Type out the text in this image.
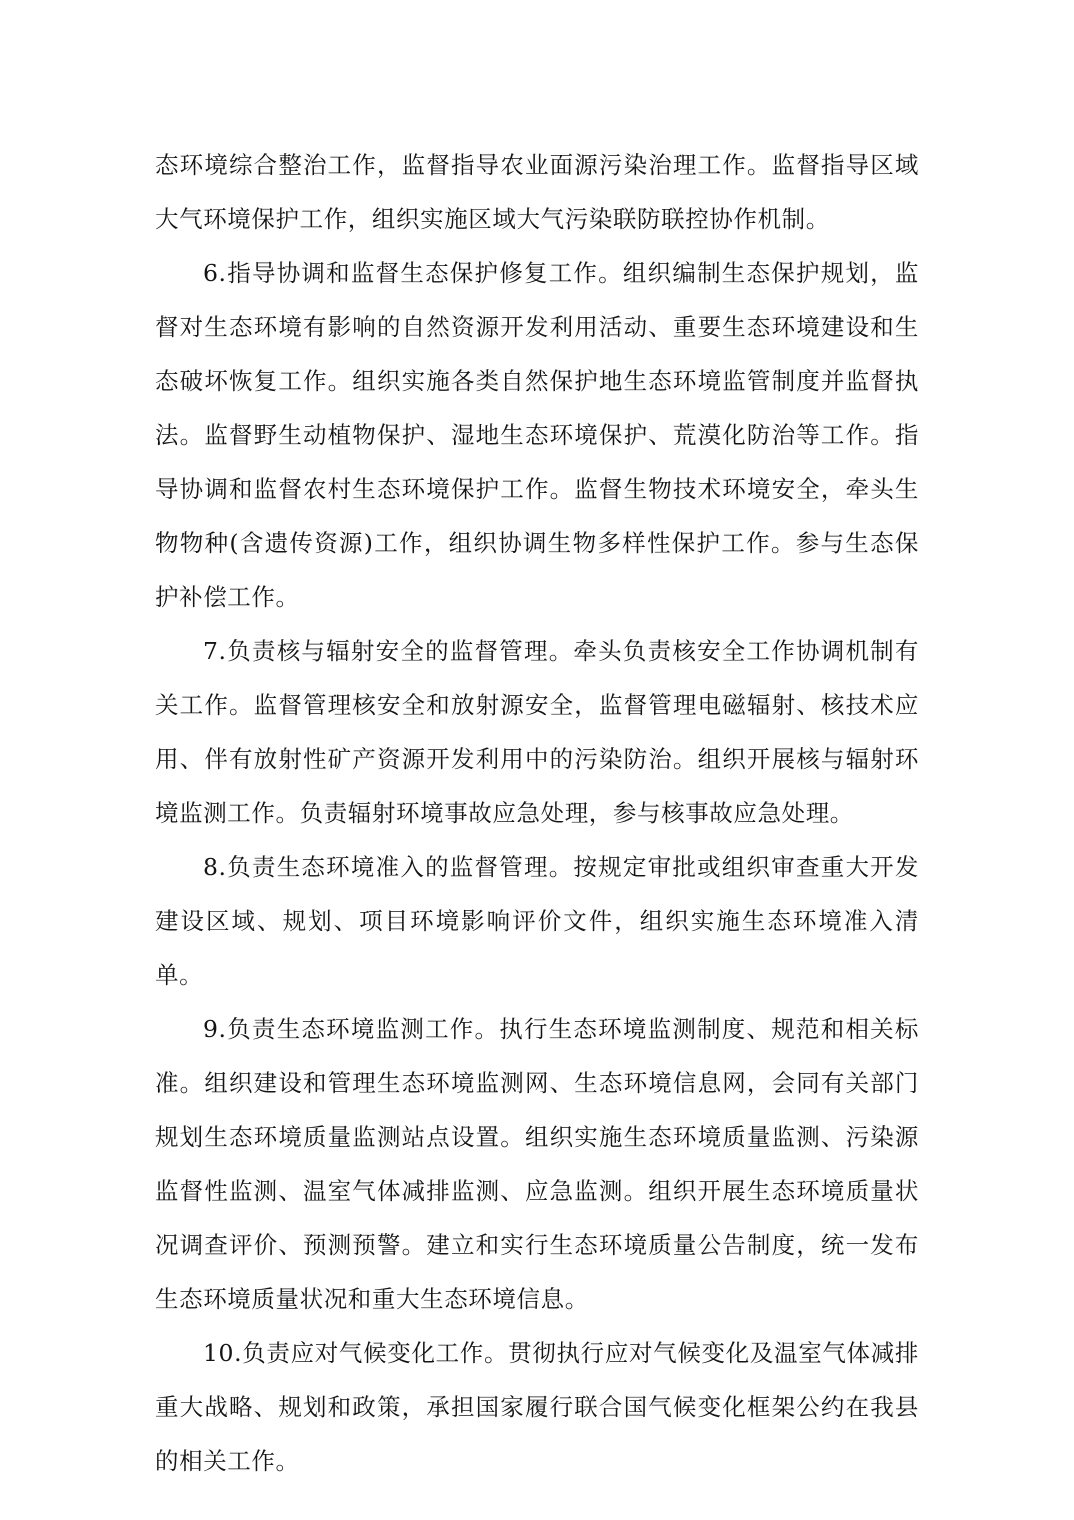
态环境综合整治工作，监督指导农业面源污染治理工作。监督指导区域大气环境保护工作，组织实施区域大气污染联防联控协作机制。

6.指导协调和监督生态保护修复工作。组织编制生态保护规划，监督对生态环境有影响的自然资源开发利用活动、重要生态环境建设和生态破坏恢复工作。组织实施各类自然保护地生态环境监管制度并监督执法。监督野生动植物保护、湿地生态环境保护、荒漠化防治等工作。指导协调和监督农村生态环境保护工作。监督生物技术环境安全，牵头生物物种(含遗传资源)工作，组织协调生物多样性保护工作。参与生态保护补偿工作。

7.负责核与辐射安全的监督管理。牵头负责核安全工作协调机制有关工作。监督管理核安全和放射源安全，监督管理电磁辐射、核技术应用、伴有放射性矿产资源开发利用中的污染防治。组织开展核与辐射环境监测工作。负责辐射环境事故应急处理，参与核事故应急处理。

8.负责生态环境准入的监督管理。按规定审批或组织审查重大开发建设区域、规划、项目环境影响评价文件，组织实施生态环境准入清单。

9.负责生态环境监测工作。执行生态环境监测制度、规范和相关标准。组织建设和管理生态环境监测网、生态环境信息网，会同有关部门规划生态环境质量监测站点设置。组织实施生态环境质量监测、污染源监督性监测、温室气体减排监测、应急监测。组织开展生态环境质量状况调查评价、预测预警。建立和实行生态环境质量公告制度，统一发布生态环境质量状况和重大生态环境信息。

10.负责应对气候变化工作。贯彻执行应对气候变化及温室气体减排重大战略、规划和政策，承担国家履行联合国气候变化框架公约在我县的相关工作。
